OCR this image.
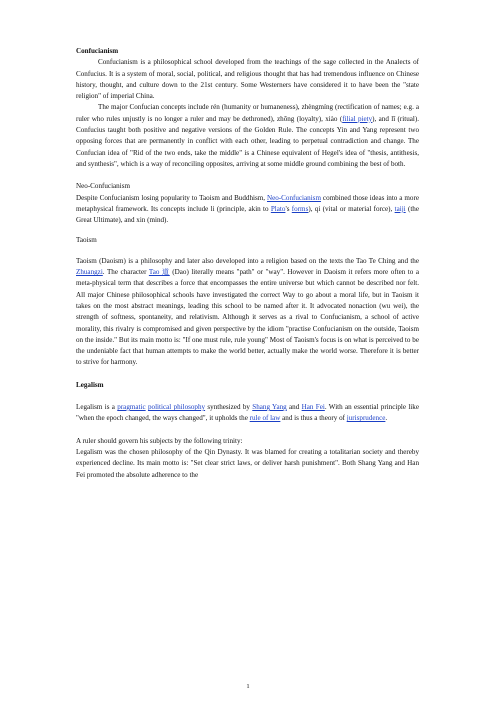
Confucianism

Confucianism is a philosophical school developed from the teachings of the sage collected in the Analects of Confucius. It is a system of moral, social, political, and religious thought that has had tremendous influence on Chinese history, thought, and culture down to the 21st century. Some Westerners have considered it to have been the "state religion" of imperial China.

The major Confucian concepts include rén (humanity or humaneness), zhèngmíng (rectification of names; e.g. a ruler who rules unjustly is no longer a ruler and may be dethroned), zhōng (loyalty), xiào (filial piety), and lǐ (ritual). Confucius taught both positive and negative versions of the Golden Rule. The concepts Yin and Yang represent two opposing forces that are permanently in conflict with each other, leading to perpetual contradiction and change. The Confucian idea of "Rid of the two ends, take the middle" is a Chinese equivalent of Hegel's idea of "thesis, antithesis, and synthesis", which is a way of reconciling opposites, arriving at some middle ground combining the best of both.

Neo-Confucianism

Despite Confucianism losing popularity to Taoism and Buddhism, Neo-Confucianism combined those ideas into a more metaphysical framework. Its concepts include li (principle, akin to Plato's forms), qi (vital or material force), taiji (the Great Ultimate), and xin (mind).

Taoism

Taoism (Daoism) is a philosophy and later also developed into a religion based on the texts the Tao Te Ching and the Zhuangzi. The character Tao 道 (Dao) literally means "path" or "way". However in Daoism it refers more often to a meta-physical term that describes a force that encompasses the entire universe but which cannot be described nor felt. All major Chinese philosophical schools have investigated the correct Way to go about a moral life, but in Taoism it takes on the most abstract meanings, leading this school to be named after it. It advocated nonaction (wu wei), the strength of softness, spontaneity, and relativism. Although it serves as a rival to Confucianism, a school of active morality, this rivalry is compromised and given perspective by the idiom "practise Confucianism on the outside, Taoism on the inside." But its main motto is: "If one must rule, rule young" Most of Taoism's focus is on what is perceived to be the undeniable fact that human attempts to make the world better, actually make the world worse. Therefore it is better to strive for harmony.

Legalism

Legalism is a pragmatic political philosophy synthesized by Shang Yang and Han Fei. With an essential principle like "when the epoch changed, the ways changed", it upholds the rule of law and is thus a theory of jurisprudence.

A ruler should govern his subjects by the following trinity:

Legalism was the chosen philosophy of the Qin Dynasty. It was blamed for creating a totalitarian society and thereby experienced decline. Its main motto is: "Set clear strict laws, or deliver harsh punishment". Both Shang Yang and Han Fei promoted the absolute adherence to the

1
